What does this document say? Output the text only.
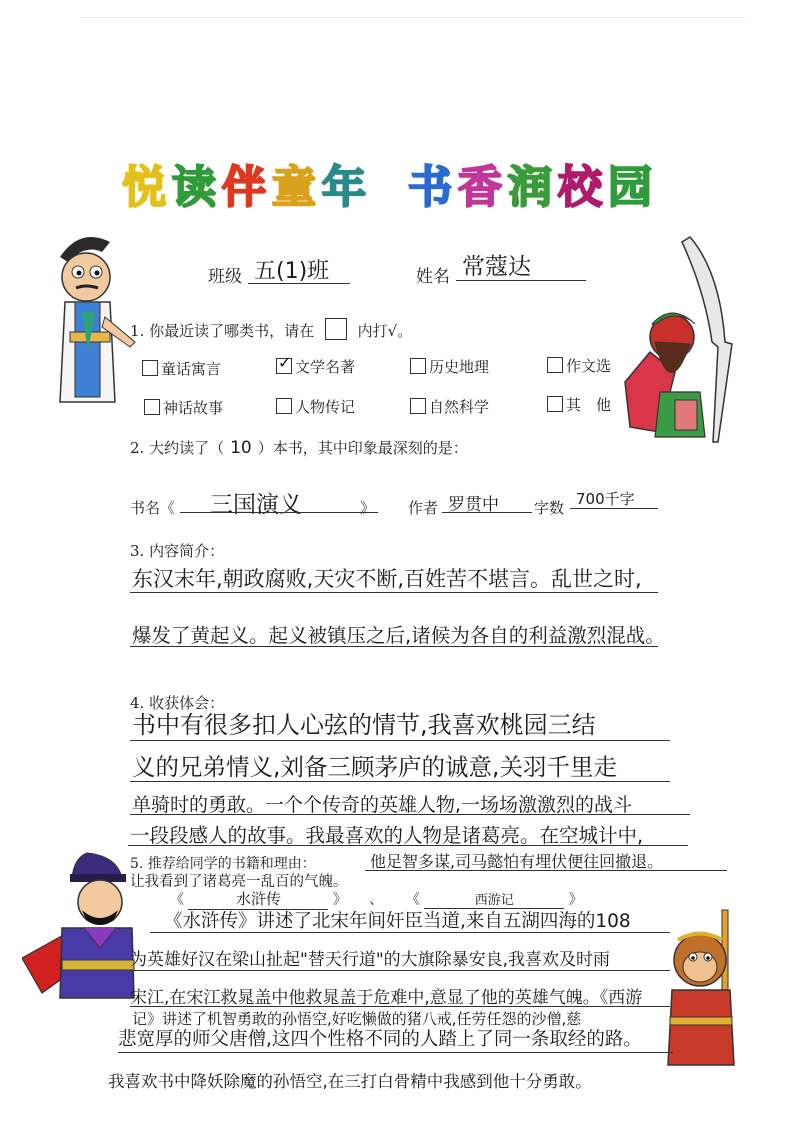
悦 读 伴 童 年 书 香 润 校 园
班级 五(1)班	姓名 常蔻达
1. 你最近读了哪类书，请在	内打√。
童话寓言
✓	文学名著	历史地理	作文选
神话故事	人物传记	自然科学	其　他
2. 大约读了（ 10 ）本书，其中印象最深刻的是：
书名《 三国演义	》 作者 罗贯中 字数 700千字
3. 内容简介：
东汉末年,朝政腐败,天灾不断,百姓苦不堪言。乱世之时,
爆发了黄起义。起义被镇压之后,诸候为各自的利益激烈混战。
4. 收获体会：
书中有很多扣人心弦的情节,我喜欢桃园三结
义的兄弟情义,刘备三顾茅庐的诚意,关羽千里走
单骑时的勇敢。一个个传奇的英雄人物,一场场激激烈的战斗
一段段感人的故事。我最喜欢的人物是诸葛亮。在空城计中,
5. 推荐给同学的书籍和理由：	他足智多谋,司马懿怕有埋伏便往回撤退。
让我看到了诸葛亮一乱百的气魄。
《	水浒传	》 、 《	西游记	》
《水浒传》讲述了北宋年间奸臣当道,来自五湖四海的108
为英雄好汉在梁山扯起"替天行道"的大旗除暴安良,我喜欢及时雨
宋江,在宋江救晁盖中他救晁盖于危难中,意显了他的英雄气魄。《西游
记》讲述了机智勇敢的孙悟空,好吃懒做的猪八戒,任劳任怨的沙僧,慈
悲宽厚的师父唐僧,这四个性格不同的人踏上了同一条取经的路。
我喜欢书中降妖除魔的孙悟空,在三打白骨精中我感到他十分勇敢。
